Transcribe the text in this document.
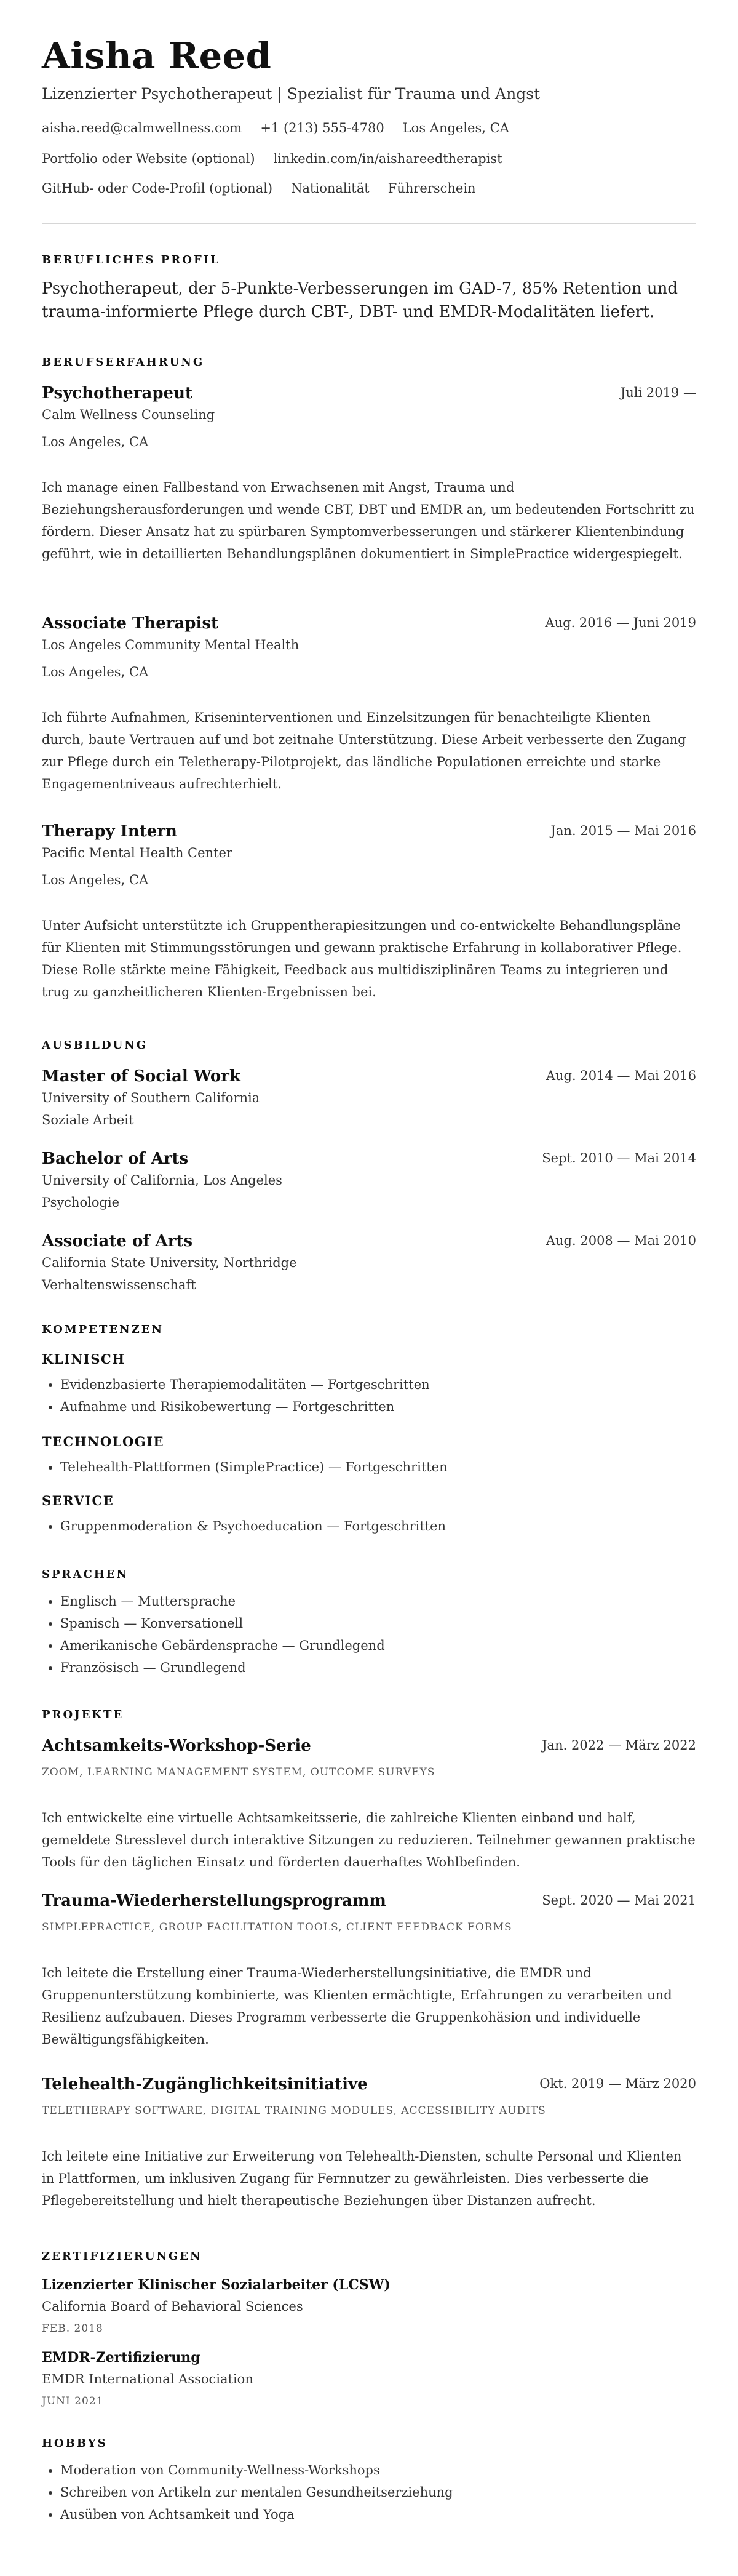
Aisha Reed
Lizenzierter Psychotherapeut | Spezialist für Trauma und Angst
aisha.reed@calmwellness.com +1 (213) 555-4780 Los Angeles, CA
Portfolio oder Website (optional) linkedin.com/in/aishareedtherapist
GitHub- oder Code-Profil (optional) Nationalität Führerschein
BERUFLICHES PROFIL
Psychotherapeut, der 5-Punkte-Verbesserungen im GAD-7, 85% Retention und trauma-informierte Pflege durch CBT-, DBT- und EMDR-Modalitäten liefert.
BERUFSERFAHRUNG
Psychotherapeut	Juli 2019 —
Calm Wellness Counseling
Los Angeles, CA
Ich manage einen Fallbestand von Erwachsenen mit Angst, Trauma und Beziehungsherausforderungen und wende CBT, DBT und EMDR an, um bedeutenden Fortschritt zu fördern. Dieser Ansatz hat zu spürbaren Symptomverbesserungen und stärkerer Klientenbindung geführt, wie in detaillierten Behandlungsplänen dokumentiert in SimplePractice widergespiegelt.
Associate Therapist	Aug. 2016 — Juni 2019
Los Angeles Community Mental Health
Los Angeles, CA
Ich führte Aufnahmen, Kriseninterventionen und Einzelsitzungen für benachteiligte Klienten durch, baute Vertrauen auf und bot zeitnahe Unterstützung. Diese Arbeit verbesserte den Zugang zur Pflege durch ein Teletherapy-Pilotprojekt, das ländliche Populationen erreichte und starke Engagementniveaus aufrechterhielt.
Therapy Intern	Jan. 2015 — Mai 2016
Pacific Mental Health Center
Los Angeles, CA
Unter Aufsicht unterstützte ich Gruppentherapiesitzungen und co-entwickelte Behandlungspläne für Klienten mit Stimmungsstörungen und gewann praktische Erfahrung in kollaborativer Pflege. Diese Rolle stärkte meine Fähigkeit, Feedback aus multidisziplinären Teams zu integrieren und trug zu ganzheitlicheren Klienten-Ergebnissen bei.
AUSBILDUNG
Master of Social Work	Aug. 2014 — Mai 2016
University of Southern California
Soziale Arbeit
Bachelor of Arts	Sept. 2010 — Mai 2014
University of California, Los Angeles
Psychologie
Associate of Arts	Aug. 2008 — Mai 2010
California State University, Northridge
Verhaltenswissenschaft
KOMPETENZEN
KLINISCH
• Evidenzbasierte Therapiemodalitäten — Fortgeschritten
• Aufnahme und Risikobewertung — Fortgeschritten
TECHNOLOGIE
• Telehealth-Plattformen (SimplePractice) — Fortgeschritten
SERVICE
• Gruppenmoderation & Psychoeducation — Fortgeschritten
SPRACHEN
• Englisch — Muttersprache
• Spanisch — Konversationell
• Amerikanische Gebärdensprache — Grundlegend
• Französisch — Grundlegend
PROJEKTE
Achtsamkeits-Workshop-Serie	Jan. 2022 — März 2022
ZOOM, LEARNING MANAGEMENT SYSTEM, OUTCOME SURVEYS
Ich entwickelte eine virtuelle Achtsamkeitsserie, die zahlreiche Klienten einband und half, gemeldete Stresslevel durch interaktive Sitzungen zu reduzieren. Teilnehmer gewannen praktische Tools für den täglichen Einsatz und förderten dauerhaftes Wohlbefinden.
Trauma-Wiederherstellungsprogramm	Sept. 2020 — Mai 2021
SIMPLEPRACTICE, GROUP FACILITATION TOOLS, CLIENT FEEDBACK FORMS
Ich leitete die Erstellung einer Trauma-Wiederherstellungsinitiative, die EMDR und Gruppenunterstützung kombinierte, was Klienten ermächtigte, Erfahrungen zu verarbeiten und Resilienz aufzubauen. Dieses Programm verbesserte die Gruppenkohäsion und individuelle Bewältigungsfähigkeiten.
Telehealth-Zugänglichkeitsinitiative	Okt. 2019 — März 2020
TELETHERAPY SOFTWARE, DIGITAL TRAINING MODULES, ACCESSIBILITY AUDITS
Ich leitete eine Initiative zur Erweiterung von Telehealth-Diensten, schulte Personal und Klienten in Plattformen, um inklusiven Zugang für Fernnutzer zu gewährleisten. Dies verbesserte die Pflegebereitstellung und hielt therapeutische Beziehungen über Distanzen aufrecht.
ZERTIFIZIERUNGEN
Lizenzierter Klinischer Sozialarbeiter (LCSW)
California Board of Behavioral Sciences
FEB. 2018
EMDR-Zertifizierung
EMDR International Association
JUNI 2021
HOBBYS
• Moderation von Community-Wellness-Workshops
• Schreiben von Artikeln zur mentalen Gesundheitserziehung
• Ausüben von Achtsamkeit und Yoga
